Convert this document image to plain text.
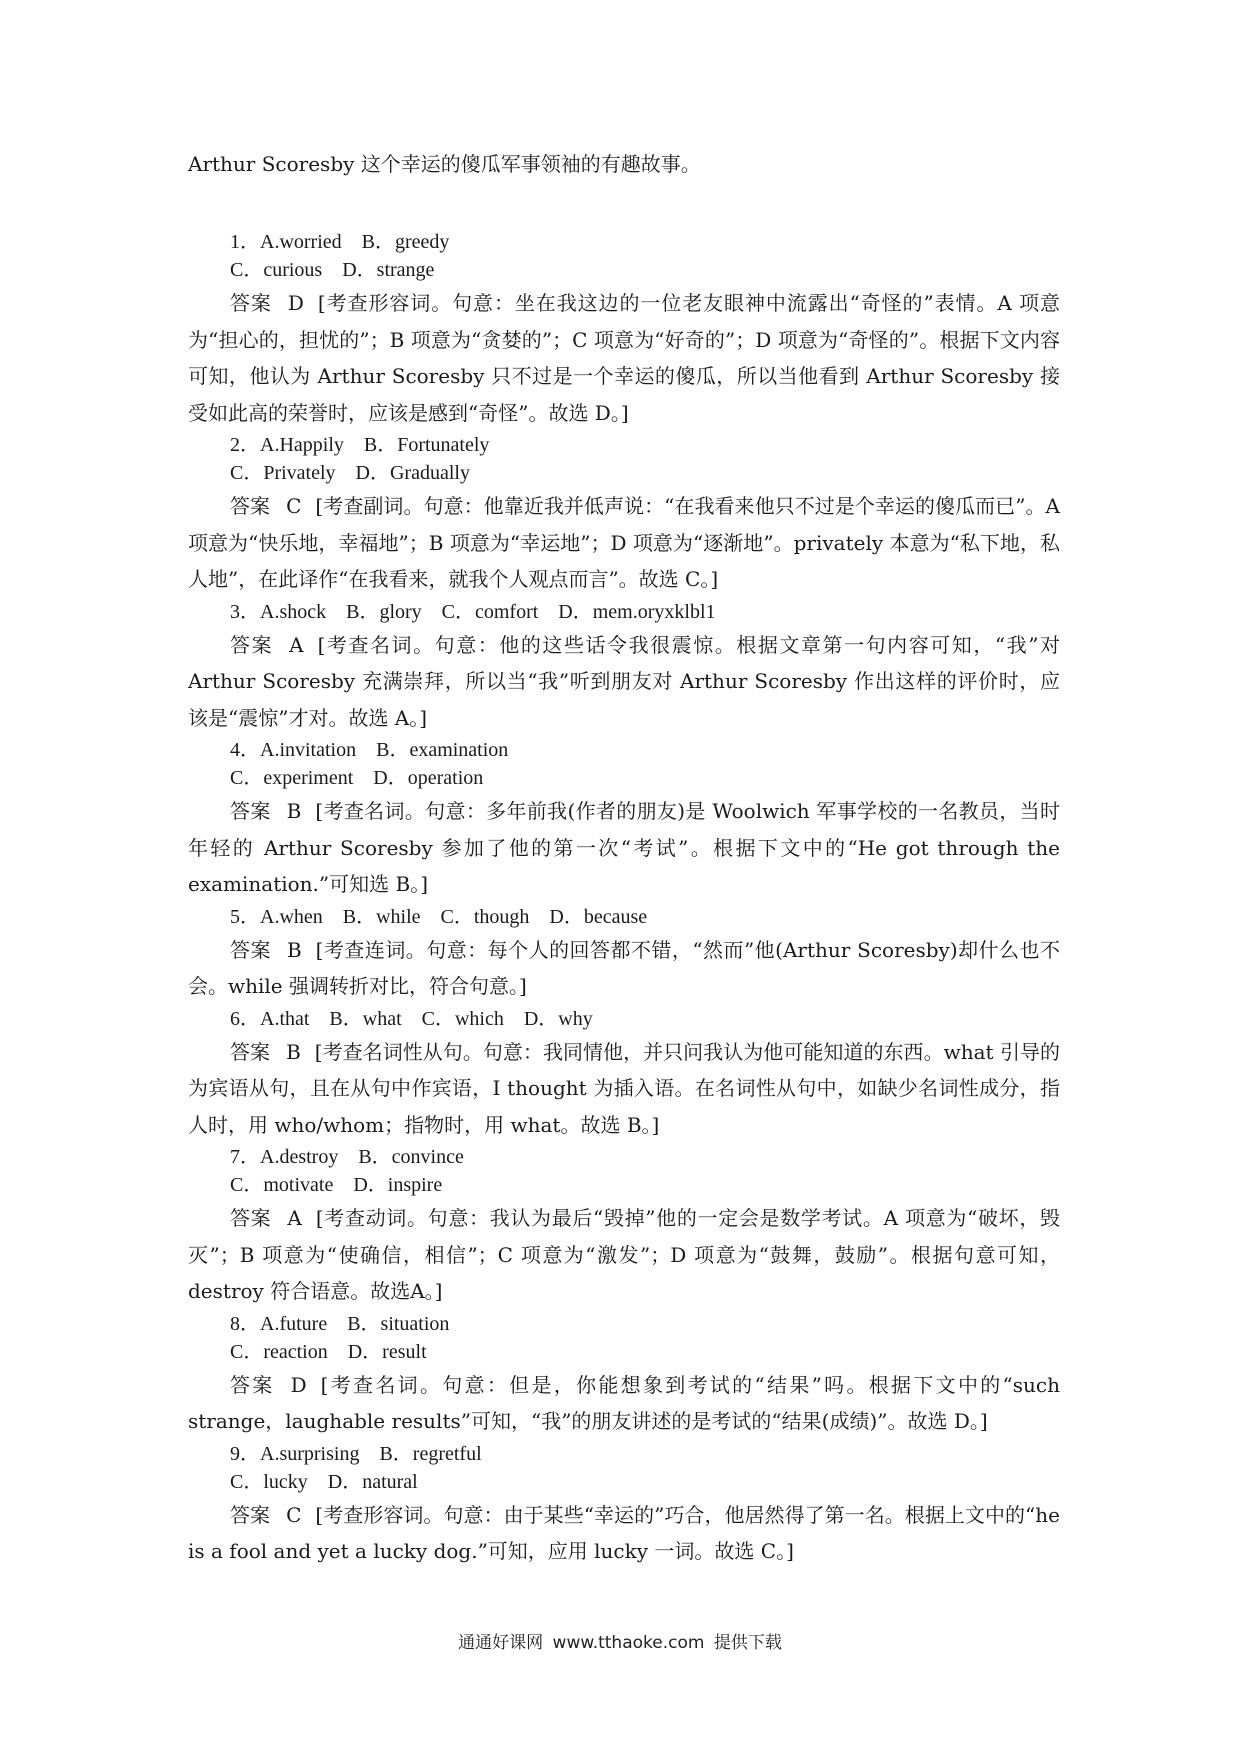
Arthur Scoresby 这个幸运的傻瓜军事领袖的有趣故事。

1．A.worried　B．greedy
C．curious　D．strange

答案 D [考查形容词。句意：坐在我这边的一位老友眼神中流露出“奇怪的”表情。A 项意为“担心的，担忧的”；B 项意为“贪婪的”；C 项意为“好奇的”；D 项意为“奇怪的”。根据下文内容可知，他认为 Arthur Scoresby 只不过是一个幸运的傻瓜，所以当他看到 Arthur Scoresby 接受如此高的荣誉时，应该是感到“奇怪”。故选 D。]

2．A.Happily　B．Fortunately
C．Privately　D．Gradually

答案 C [考查副词。句意：他靠近我并低声说：“在我看来他只不过是个幸运的傻瓜而已”。A 项意为“快乐地，幸福地”；B 项意为“幸运地”；D 项意为“逐渐地”。privately 本意为“私下地，私人地”，在此译作“在我看来，就我个人观点而言”。故选 C。]

3．A.shock　B．glory　C．comfort　D．mem.oryxklbl1

答案 A [考查名词。句意：他的这些话令我很震惊。根据文章第一句内容可知，“我”对 Arthur Scoresby 充满崇拜，所以当“我”听到朋友对 Arthur Scoresby 作出这样的评价时，应该是“震惊”才对。故选 A。]

4．A.invitation　B．examination
C．experiment　D．operation

答案 B [考查名词。句意：多年前我(作者的朋友)是 Woolwich 军事学校的一名教员，当时年轻的 Arthur Scoresby 参加了他的第一次“考试”。根据下文中的“He got through the examination.”可知选 B。]

5．A.when　B．while　C．though　D．because

答案 B [考查连词。句意：每个人的回答都不错，“然而”他(Arthur Scoresby)却什么也不会。while 强调转折对比，符合句意。]

6．A.that　B．what　C．which　D．why

答案 B [考查名词性从句。句意：我同情他，并只问我认为他可能知道的东西。what 引导的为宾语从句，且在从句中作宾语，I thought 为插入语。在名词性从句中，如缺少名词性成分，指人时，用 who/whom；指物时，用 what。故选 B。]

7．A.destroy　B．convince
C．motivate　D．inspire

答案 A [考查动词。句意：我认为最后“毁掉”他的一定会是数学考试。A 项意为“破坏，毁灭”；B 项意为“使确信，相信”；C 项意为“激发”；D 项意为“鼓舞，鼓励”。根据句意可知，destroy 符合语意。故选A。]

8．A.future　B．situation
C．reaction　D．result

答案 D [考查名词。句意：但是，你能想象到考试的“结果”吗。根据下文中的“such strange，laughable results”可知，“我”的朋友讲述的是考试的“结果(成绩)”。故选 D。]

9．A.surprising　B．regretful
C．lucky　D．natural

答案 C [考查形容词。句意：由于某些“幸运的”巧合，他居然得了第一名。根据上文中的“he is a fool and yet a lucky dog.”可知，应用 lucky 一词。故选 C。]

通通好课网 www.tthaoke.com 提供下载
